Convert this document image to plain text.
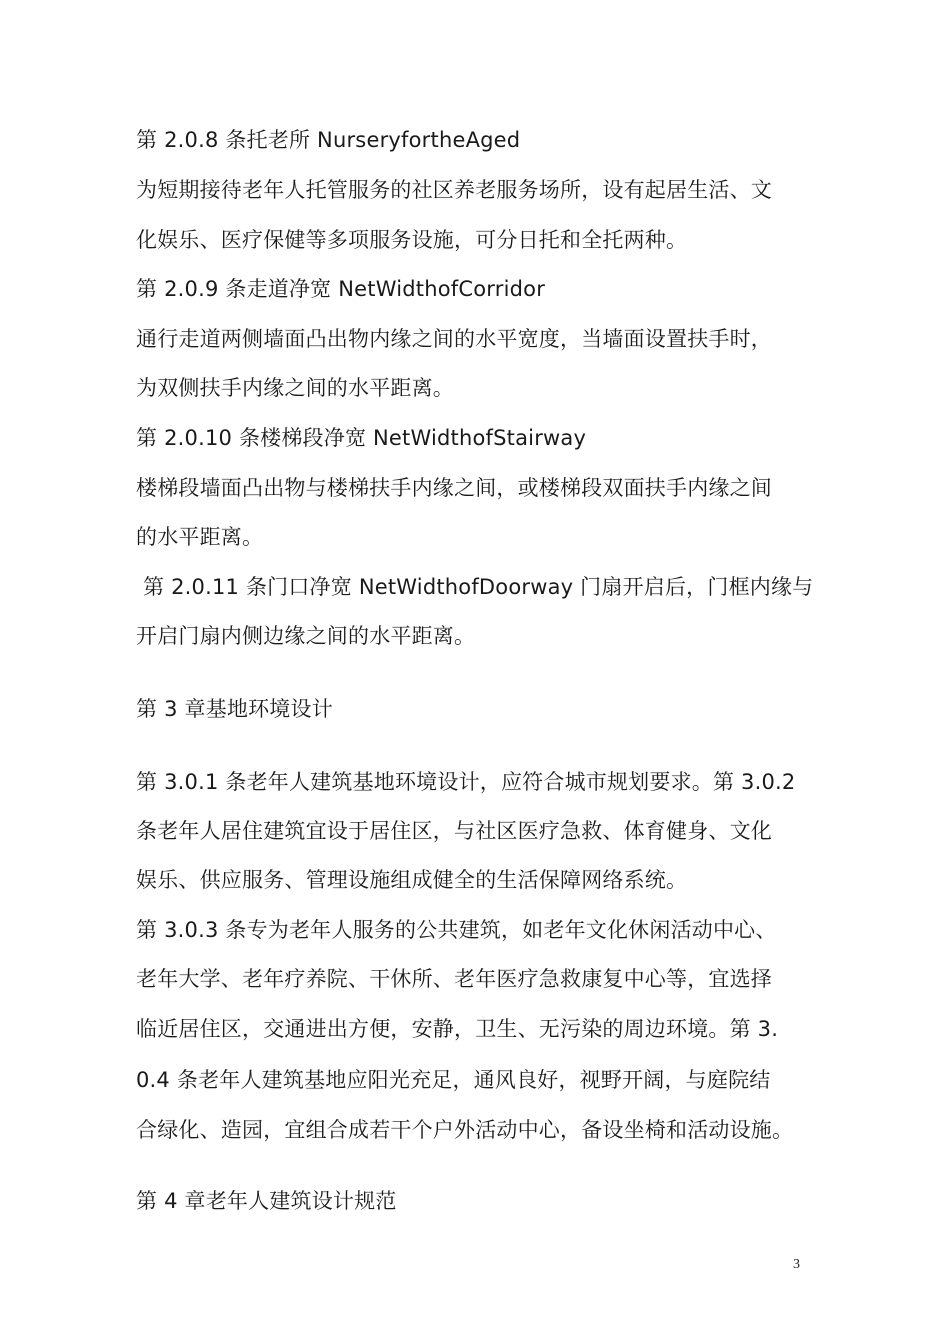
第 2.0.8 条托老所 NurseryfortheAged
为短期接待老年人托管服务的社区养老服务场所，设有起居生活、文
化娱乐、医疗保健等多项服务设施，可分日托和全托两种。
第 2.0.9 条走道净宽 NetWidthofCorridor
通行走道两侧墙面凸出物内缘之间的水平宽度，当墙面设置扶手时，
为双侧扶手内缘之间的水平距离。
第 2.0.10 条楼梯段净宽 NetWidthofStairway
楼梯段墙面凸出物与楼梯扶手内缘之间，或楼梯段双面扶手内缘之间
的水平距离。
第 2.0.11 条门口净宽 NetWidthofDoorway 门扇开启后，门框内缘与
开启门扇内侧边缘之间的水平距离。
第 3 章基地环境设计
第 3.0.1 条老年人建筑基地环境设计，应符合城市规划要求。第 3.0.2
条老年人居住建筑宜设于居住区，与社区医疗急救、体育健身、文化
娱乐、供应服务、管理设施组成健全的生活保障网络系统。
第 3.0.3 条专为老年人服务的公共建筑，如老年文化休闲活动中心、
老年大学、老年疗养院、干休所、老年医疗急救康复中心等，宜选择
临近居住区，交通进出方便，安静，卫生、无污染的周边环境。第 3.
0.4 条老年人建筑基地应阳光充足，通风良好，视野开阔，与庭院结
合绿化、造园，宜组合成若干个户外活动中心，备设坐椅和活动设施。
第 4 章老年人建筑设计规范
3
